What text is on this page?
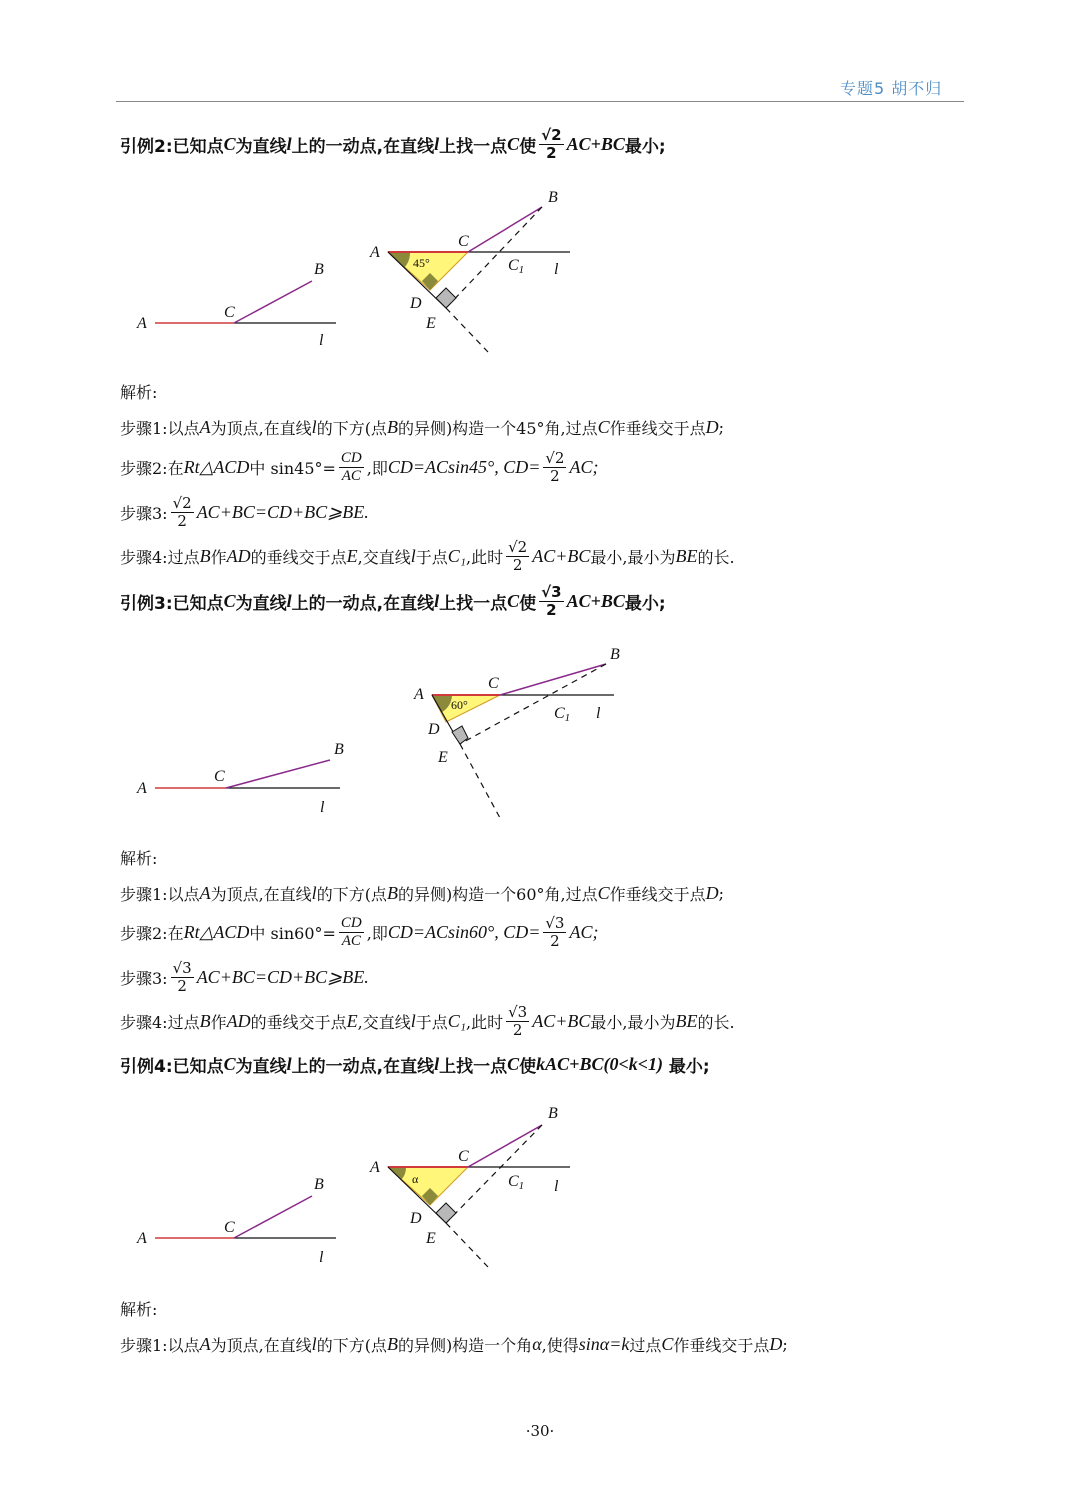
专题5 胡不归
引例2: 已知点 C 为直线 l 上的一动点,在直线 l 上找一点 C 使 $\frac{√2}{2} AC+BC$ 最小;
A
C
B
l
A
C
B
l
C1
D
E
45°
解析:
步骤1:以点 A 为顶点,在直线 l 的下方(点 B 的异侧)构造一个45°角,过点 C 作垂线交于点 D ;
步骤2:在 Rt△ACD 中 $\sin 45^\circ= \frac{CD}{AC}$ ,即 CD=ACsin45°, $CD= \frac{√2}{2}$ AC;
步骤3: $\frac{√2}{2}$ AC+BC=CD+BC⩾BE.
步骤4:过点 B 作 AD 的垂线交于点 E ,交直线 l 于点 C₁ ,此时 $\frac{√2}{2} AC+BC$ 最小,最小为 BE 的长.
引例3: 已知点 C 为直线 l 上的一动点,在直线 l 上找一点 C 使 $\frac{√3}{2} AC+BC$ 最小;
A
C
B
l
A
C
B
l
C1
D
E
60°
解析:
步骤1:以点 A 为顶点,在直线 l 的下方(点 B 的异侧)构造一个60°角,过点 C 作垂线交于点 D ;
步骤2:在 Rt△ACD 中 $\sin 60^\circ= \frac{CD}{AC}$ ,即 CD=ACsin60°, $CD= \frac{√3}{2}$ AC;
步骤3: $\frac{√3}{2}$ AC+BC=CD+BC⩾BE.
步骤4:过点 B 作 AD 的垂线交于点 E ,交直线 l 于点 C₁ ,此时 $\frac{√3}{2} AC+BC$ 最小,最小为 BE 的长.
引例4: 已知点 C 为直线 l 上的一动点,在直线 l 上找一点 C 使 kAC+BC(0<k<1)
最小;
A
C
B
l
A
C
B
l
C1
D
E
α
解析:
步骤1:以点 A 为顶点,在直线 l 的下方(点 B 的异侧)构造一个角 α ,使得 sinα=k 过点 C 作垂线交于点 D ;
·30·
